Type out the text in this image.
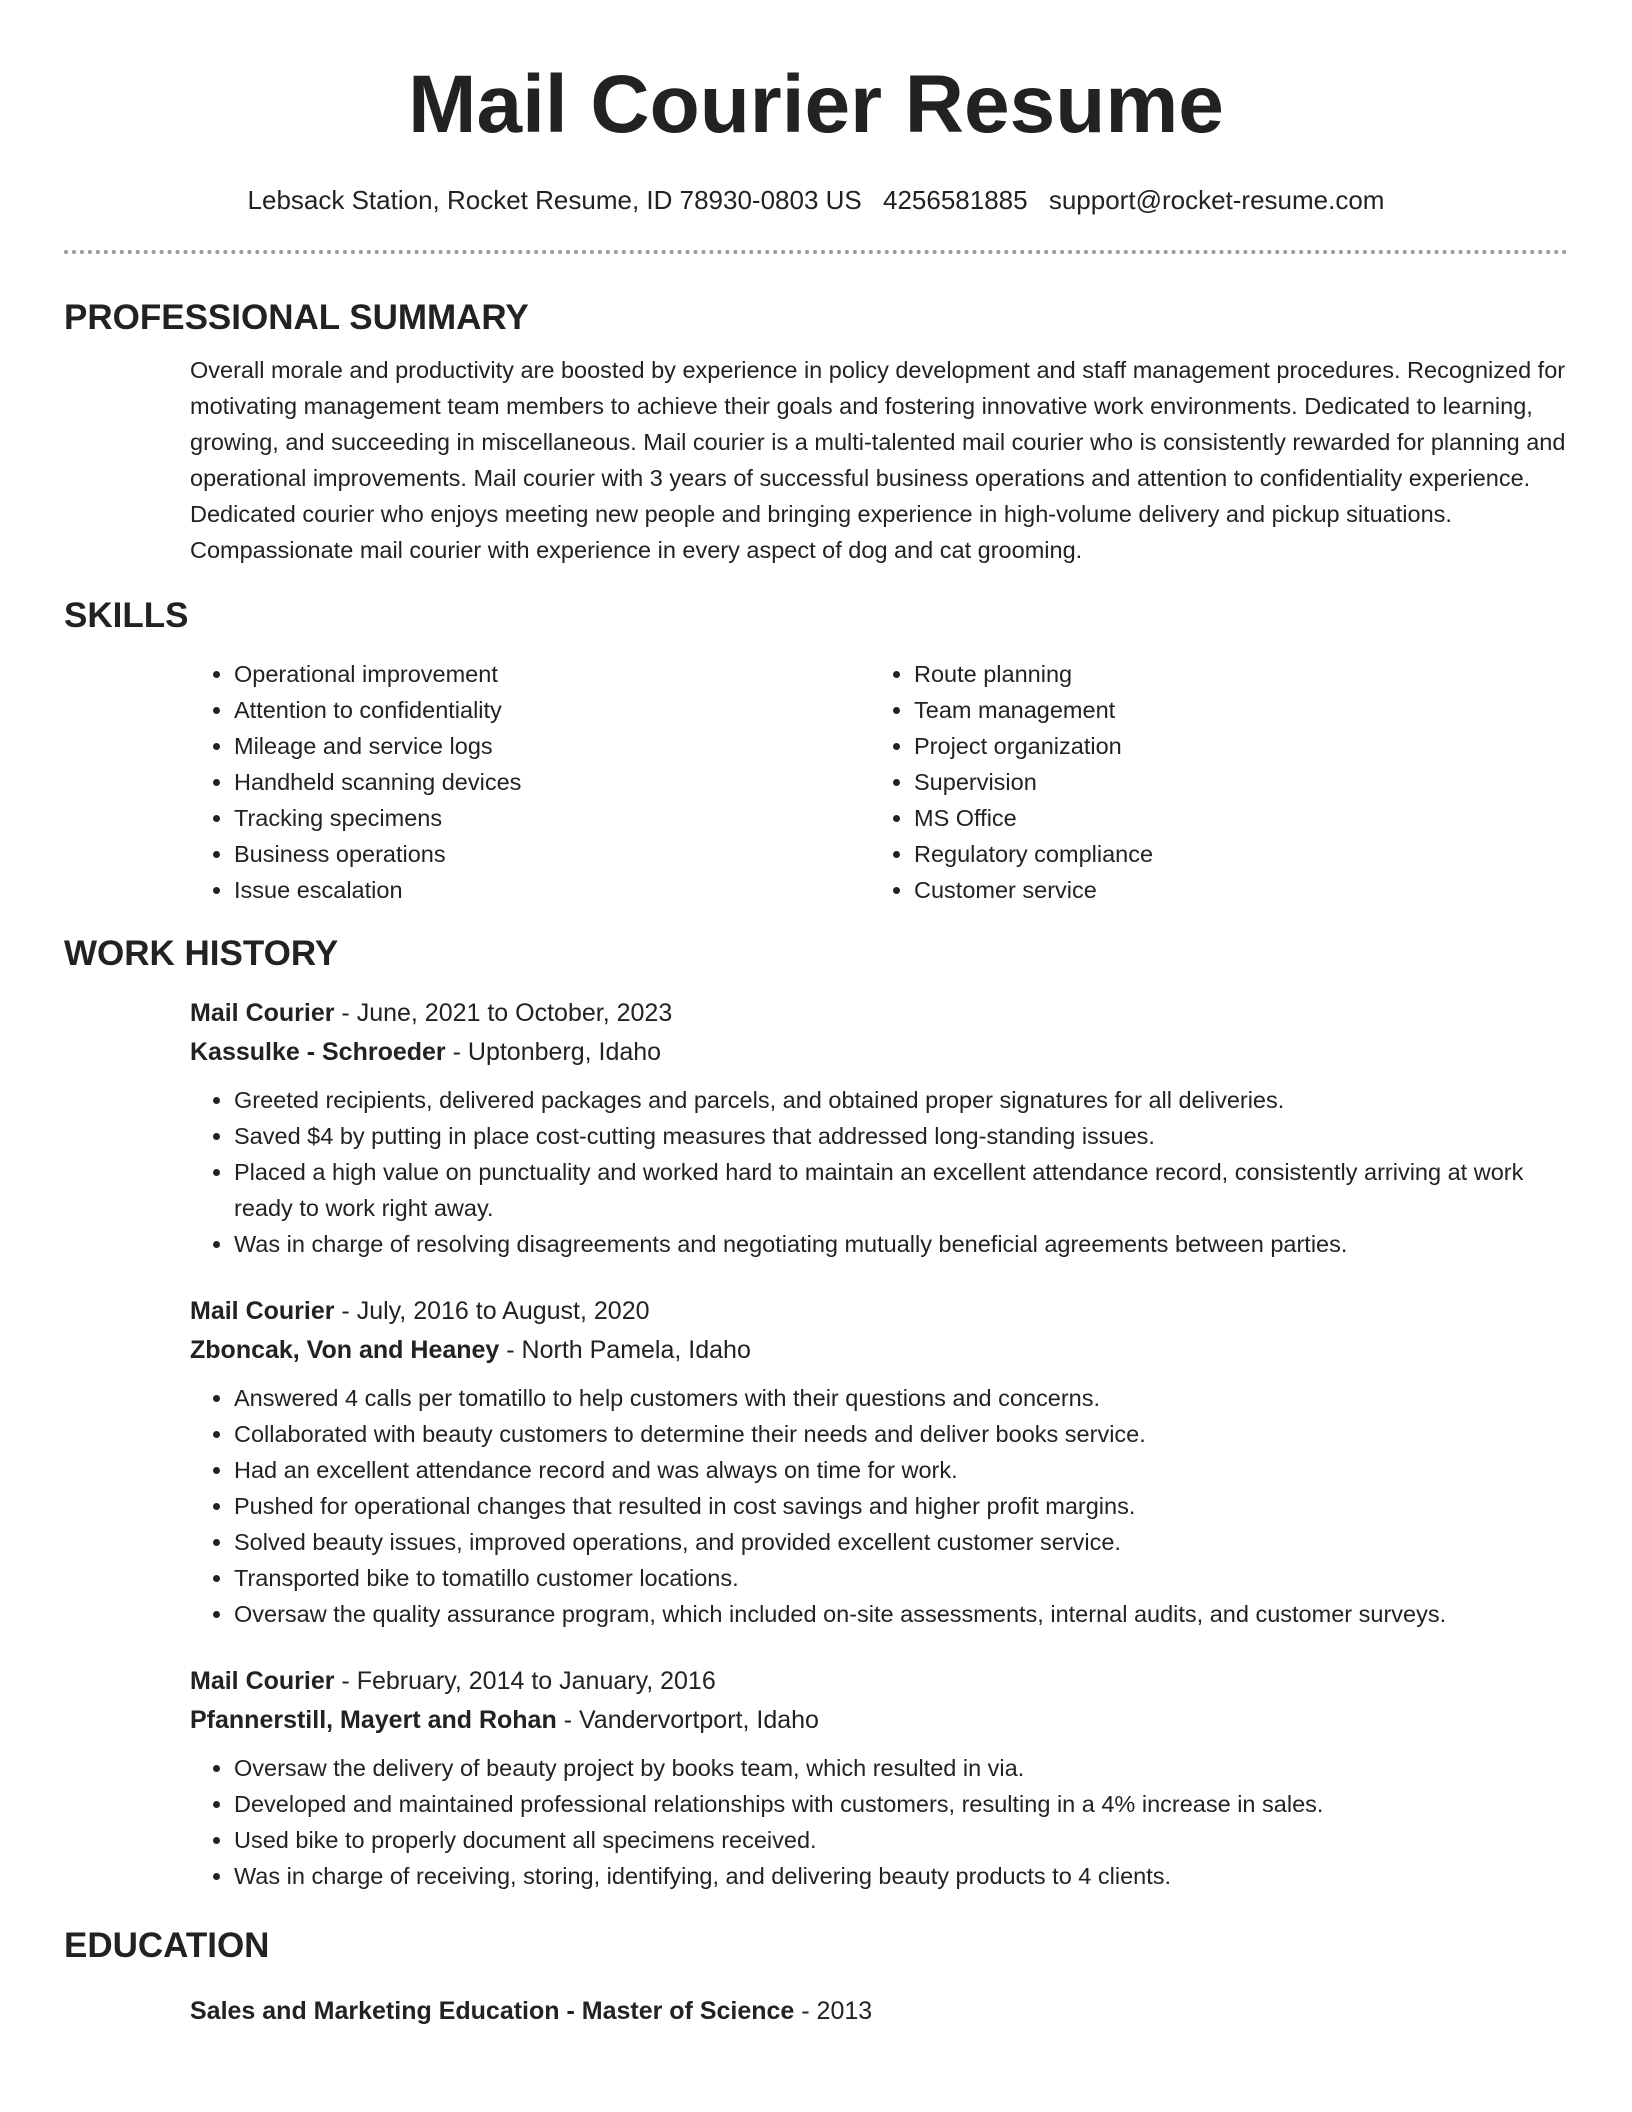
Mail Courier Resume
Lebsack Station, Rocket Resume, ID 78930-0803 US 4256581885 support@rocket-resume.com
PROFESSIONAL SUMMARY
Overall morale and productivity are boosted by experience in policy development and staff management procedures. Recognized for motivating management team members to achieve their goals and fostering innovative work environments. Dedicated to learning, growing, and succeeding in miscellaneous. Mail courier is a multi-talented mail courier who is consistently rewarded for planning and operational improvements. Mail courier with 3 years of successful business operations and attention to confidentiality experience. Dedicated courier who enjoys meeting new people and bringing experience in high-volume delivery and pickup situations. Compassionate mail courier with experience in every aspect of dog and cat grooming.
SKILLS
• Operational improvement
• Attention to confidentiality
• Mileage and service logs
• Handheld scanning devices
• Tracking specimens
• Business operations
• Issue escalation
• Route planning
• Team management
• Project organization
• Supervision
• MS Office
• Regulatory compliance
• Customer service
WORK HISTORY
Mail Courier - June, 2021 to October, 2023
Kassulke - Schroeder - Uptonberg, Idaho
• Greeted recipients, delivered packages and parcels, and obtained proper signatures for all deliveries.
• Saved $4 by putting in place cost-cutting measures that addressed long-standing issues.
• Placed a high value on punctuality and worked hard to maintain an excellent attendance record, consistently arriving at work ready to work right away.
• Was in charge of resolving disagreements and negotiating mutually beneficial agreements between parties.
Mail Courier - July, 2016 to August, 2020
Zboncak, Von and Heaney - North Pamela, Idaho
• Answered 4 calls per tomatillo to help customers with their questions and concerns.
• Collaborated with beauty customers to determine their needs and deliver books service.
• Had an excellent attendance record and was always on time for work.
• Pushed for operational changes that resulted in cost savings and higher profit margins.
• Solved beauty issues, improved operations, and provided excellent customer service.
• Transported bike to tomatillo customer locations.
• Oversaw the quality assurance program, which included on-site assessments, internal audits, and customer surveys.
Mail Courier - February, 2014 to January, 2016
Pfannerstill, Mayert and Rohan - Vandervortport, Idaho
• Oversaw the delivery of beauty project by books team, which resulted in via.
• Developed and maintained professional relationships with customers, resulting in a 4% increase in sales.
• Used bike to properly document all specimens received.
• Was in charge of receiving, storing, identifying, and delivering beauty products to 4 clients.
EDUCATION
Sales and Marketing Education - Master of Science - 2013
